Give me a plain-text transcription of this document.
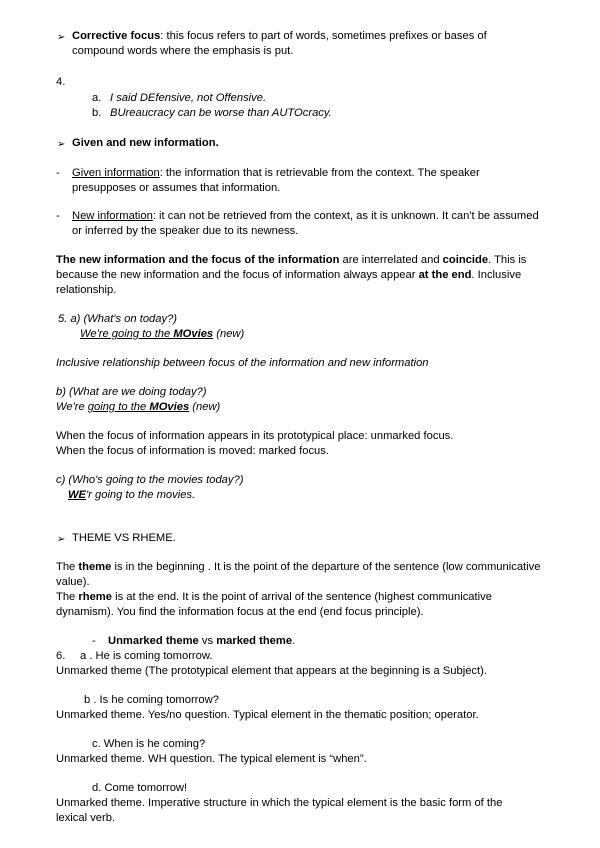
➢ Corrective focus: this focus refers to part of words, sometimes prefixes or bases of
compound words where the emphasis is put.
4.
a. I said DEfensive, not Offensive.
b. BUreaucracy can be worse than AUTOcracy.
➢ Given and new information.
- Given information: the information that is retrievable from the context. The speaker
presupposes or assumes that information.
- New information: it can not be retrieved from the context, as it is unknown. It can't be assumed
or inferred by the speaker due to its newness.
The new information and the focus of the information are interrelated and coincide. This is
because the new information and the focus of information always appear at the end. Inclusive
relationship.
5. a) (What's on today?)
We're going to the MOvies (new)
Inclusive relationship between focus of the information and new information
b) (What are we doing today?)
We're going to the MOvies (new)
When the focus of information appears in its prototypical place: unmarked focus.
When the focus of information is moved: marked focus.
c) (Who's going to the movies today?)
WE'r going to the movies.
➢ THEME VS RHEME.
The theme is in the beginning . It is the point of the departure of the sentence (low communicative
value).
The rheme is at the end. It is the point of arrival of the sentence (highest communicative
dynamism). You find the information focus at the end (end focus principle).
- Unmarked theme vs marked theme.
6. a . He is coming tomorrow.
Unmarked theme (The prototypical element that appears at the beginning is a Subject).
b . Is he coming tomorrow?
Unmarked theme. Yes/no question. Typical element in the thematic position; operator.
c. When is he coming?
Unmarked theme. WH question. The typical element is “when”.
d. Come tomorrow!
Unmarked theme. Imperative structure in which the typical element is the basic form of the
lexical verb.
